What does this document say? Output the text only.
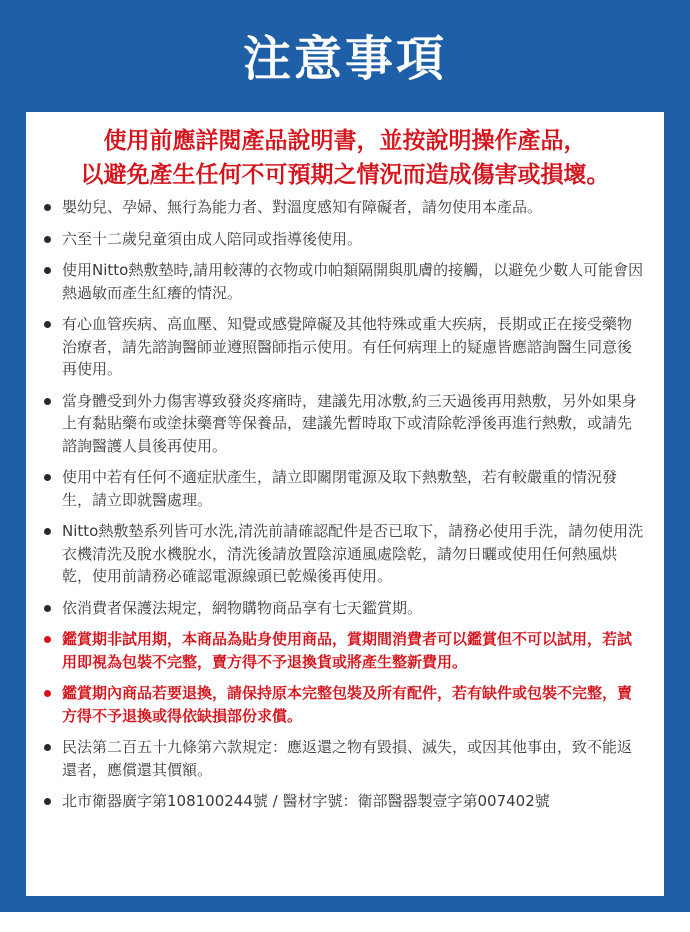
注意事項
使用前應詳閱產品說明書，並按說明操作產品，
以避免產生任何不可預期之情況而造成傷害或損壞。
嬰幼兒、孕婦、無行為能力者、對溫度感知有障礙者，請勿使用本產品。
六至十二歲兒童須由成人陪同或指導後使用。
使用Nitto熱敷墊時,請用較薄的衣物或巾帕類隔開與肌膚的接觸，以避免少數人可能會因熱過敏而產生紅癢的情況。
有心血管疾病、高血壓、知覺或感覺障礙及其他特殊或重大疾病，長期或正在接受藥物治療者，請先諮詢醫師並遵照醫師指示使用。有任何病理上的疑慮皆應諮詢醫生同意後再使用。
當身體受到外力傷害導致發炎疼痛時，建議先用冰敷,約三天過後再用熱敷，另外如果身上有黏貼藥布或塗抹藥膏等保養品，建議先暫時取下或清除乾淨後再進行熱敷，或請先諮詢醫護人員後再使用。
使用中若有任何不適症狀產生，請立即關閉電源及取下熱敷墊，若有較嚴重的情況發生，請立即就醫處理。
Nitto熱敷墊系列皆可水洗,清洗前請確認配件是否已取下，請務必使用手洗，請勿使用洗衣機清洗及脫水機脫水，清洗後請放置陰涼通風處陰乾，請勿日曬或使用任何熱風烘乾，使用前請務必確認電源線頭已乾燥後再使用。
依消費者保護法規定，網物購物商品享有七天鑑賞期。
鑑賞期非試用期，本商品為貼身使用商品，賞期間消費者可以鑑賞但不可以試用，若試用即視為包裝不完整，賣方得不予退換貨或將產生整新費用。
鑑賞期內商品若要退換，請保持原本完整包裝及所有配件，若有缺件或包裝不完整，賣方得不予退換或得依缺損部份求償。
民法第二百五十九條第六款規定：應返還之物有毀損、滅失，或因其他事由，致不能返還者，應償還其價額。
北市衛器廣字第108100244號 / 醫材字號：衛部醫器製壹字第007402號
